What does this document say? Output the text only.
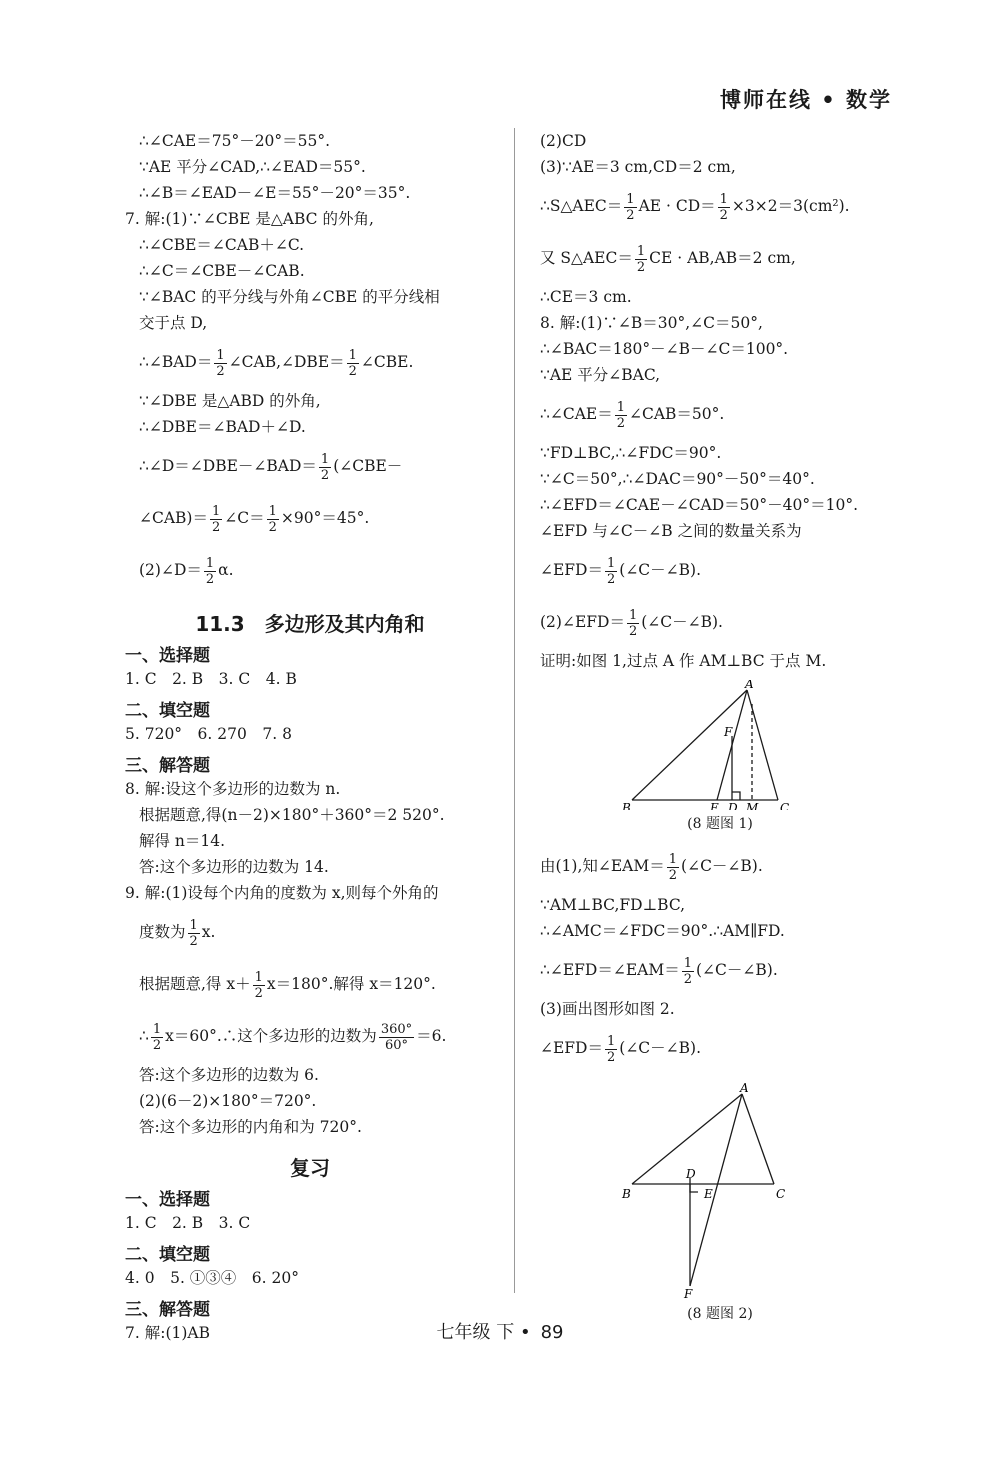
博师在线 • 数学
∴∠CAE＝75°－20°＝55°.
∵AE 平分∠CAD,∴∠EAD＝55°.
∴∠B＝∠EAD－∠E＝55°－20°＝35°.
7. 解:(1)∵∠CBE 是△ABC 的外角,
∴∠CBE＝∠CAB＋∠C.
∴∠C＝∠CBE－∠CAB.
∵∠BAC 的平分线与外角∠CBE 的平分线相
交于点 D,
∴∠BAD＝ $\frac{1}{2}$ ∠CAB,∠DBE＝ $\frac{1}{2}$ ∠CBE.
∵∠DBE 是△ABD 的外角,
∴∠DBE＝∠BAD＋∠D.
∴∠D＝∠DBE－∠BAD＝ $\frac{1}{2}$ (∠CBE－
∠CAB)＝ $\frac{1}{2}$ ∠C＝ $\frac{1}{2} \times 90^\circ=45^\circ$.
(2)∠D＝ $\frac{1}{2} \alpha$.
11.3　多边形及其内角和
一、选择题
1. C　2. B　3. C　4. B
二、填空题
5. 720°　6. 270　7. 8
三、解答题
8. 解:设这个多边形的边数为 n.
根据题意,得(n－2)×180°＋360°＝2 520°.
解得 n＝14.
答:这个多边形的边数为 14.
9. 解:(1)设每个内角的度数为 x,则每个外角的
度数为 $\frac{1}{2} x$.
根据题意,得 $x+ \frac{1}{2} x=180^\circ$.解得 x＝120°.
∴ $\frac{1}{2}$ x＝60°.∴这个多边形的边数为 $\frac{360^\circ}{60^\circ} =6$.
答:这个多边形的边数为 6.
(2)(6－2)×180°＝720°.
答:这个多边形的内角和为 720°.
复习
一、选择题
1. C　2. B　3. C
二、填空题
4. 0　5. ①③④　6. 20°
三、解答题
7. 解:(1)AB
(2)CD
(3)∵AE＝3 cm,CD＝2 cm,
∴S△AEC＝ $\frac{1}{2}$ AE · $CD= \frac{1}{2} \times 3\times 2=3(cm^2)$.
又 S△AEC＝ $\frac{1}{2}$ CE · AB,AB＝2 cm,
∴CE＝3 cm.
8. 解:(1)∵∠B＝30°,∠C＝50°,
∴∠BAC＝180°－∠B－∠C＝100°.
∵AE 平分∠BAC,
∴∠CAE＝ $\frac{1}{2}$ ∠CAB＝50°.
∵FD⊥BC,∴∠FDC＝90°.
∵∠C＝50°,∴∠DAC＝90°－50°＝40°.
∴∠EFD＝∠CAE－∠CAD＝50°－40°＝10°.
∠EFD 与∠C－∠B 之间的数量关系为
∠EFD＝ $\frac{1}{2}$ (∠C－∠B).
(2)∠EFD＝ $\frac{1}{2}$ (∠C－∠B).
证明:如图 1,过点 A 作 AM⊥BC 于点 M.
A
B	C
E D M
F
(8 题图 1)
由(1),知∠EAM＝ $\frac{1}{2}$ (∠C－∠B).
∵AM⊥BC,FD⊥BC,
∴∠AMC＝∠FDC＝90°.∴AM∥FD.
∴∠EFD＝∠EAM＝ $\frac{1}{2}$ (∠C－∠B).
(3)画出图形如图 2.
∠EFD＝ $\frac{1}{2}$ (∠C－∠B).
A
B	C
D
E
F
(8 题图 2)
七年级 下 • 89
